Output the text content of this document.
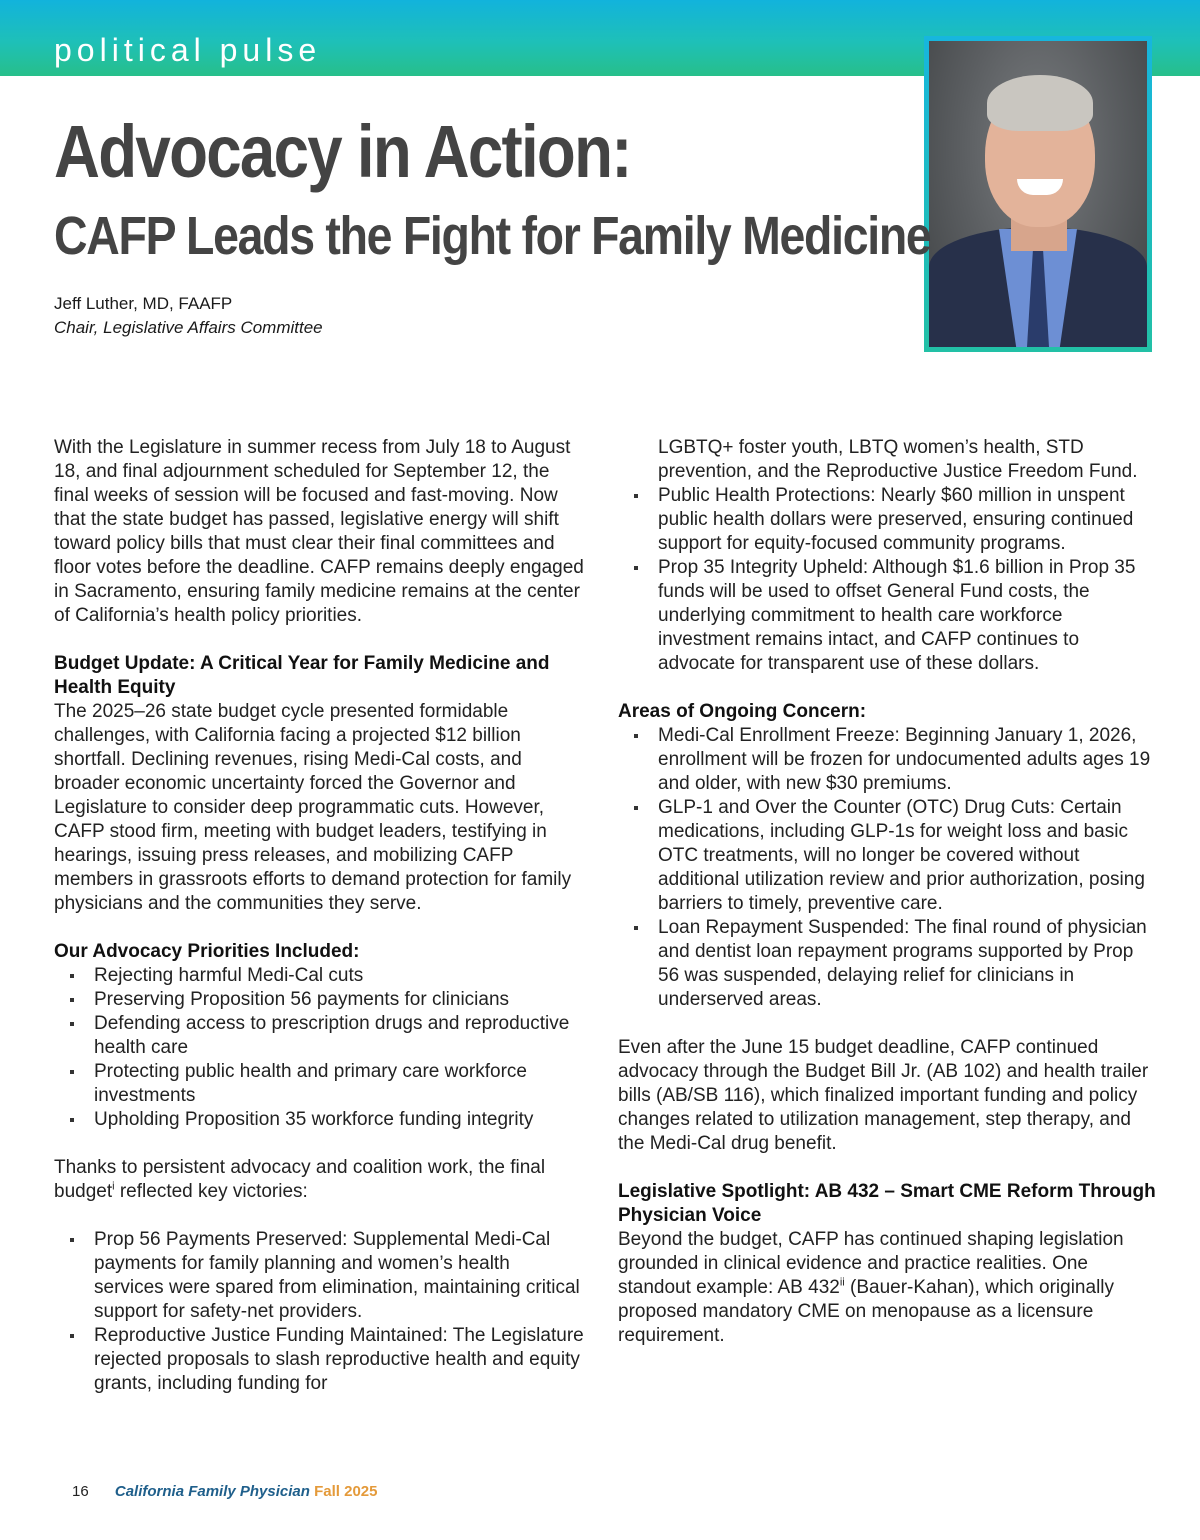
political pulse
Advocacy in Action:
CAFP Leads the Fight for Family Medicine
Jeff Luther, MD, FAAFP
Chair, Legislative Affairs Committee

With the Legislature in summer recess from July 18 to August 18, and final adjournment scheduled for September 12, the final weeks of session will be focused and fast-moving. Now that the state budget has passed, legislative energy will shift toward policy bills that must clear their final committees and floor votes before the deadline. CAFP remains deeply engaged in Sacramento, ensuring family medicine remains at the center of California’s health policy priorities.

Budget Update: A Critical Year for Family Medicine and Health Equity

The 2025–26 state budget cycle presented formidable challenges, with California facing a projected $12 billion shortfall. Declining revenues, rising Medi-Cal costs, and broader economic uncertainty forced the Governor and Legislature to consider deep programmatic cuts. However, CAFP stood firm, meeting with budget leaders, testifying in hearings, issuing press releases, and mobilizing CAFP members in grassroots efforts to demand protection for family physicians and the communities they serve.

Our Advocacy Priorities Included:

Rejecting harmful Medi-Cal cuts
Preserving Proposition 56 payments for clinicians
Defending access to prescription drugs and reproductive health care
Protecting public health and primary care workforce investments
Upholding Proposition 35 workforce funding integrity

Thanks to persistent advocacy and coalition work, the final budget$^i$ reflected key victories:

Prop 56 Payments Preserved: Supplemental Medi-Cal payments for family planning and women’s health services were spared from elimination, maintaining critical support for safety-net providers.
Reproductive Justice Funding Maintained: The Legislature rejected proposals to slash reproductive health and equity grants, including funding for

LGBTQ+ foster youth, LBTQ women’s health, STD prevention, and the Reproductive Justice Freedom Fund.

Public Health Protections: Nearly $60 million in unspent public health dollars were preserved, ensuring continued support for equity-focused community programs.
Prop 35 Integrity Upheld: Although $1.6 billion in Prop 35 funds will be used to offset General Fund costs, the underlying commitment to health care workforce investment remains intact, and CAFP continues to advocate for transparent use of these dollars.

Areas of Ongoing Concern:

Medi-Cal Enrollment Freeze: Beginning January 1, 2026, enrollment will be frozen for undocumented adults ages 19 and older, with new $30 premiums.
GLP-1 and Over the Counter (OTC) Drug Cuts: Certain medications, including GLP-1s for weight loss and basic OTC treatments, will no longer be covered without additional utilization review and prior authorization, posing barriers to timely, preventive care.
Loan Repayment Suspended: The final round of physician and dentist loan repayment programs supported by Prop 56 was suspended, delaying relief for clinicians in underserved areas.

Even after the June 15 budget deadline, CAFP continued advocacy through the Budget Bill Jr. (AB 102) and health trailer bills (AB/SB 116), which finalized important funding and policy changes related to utilization management, step therapy, and the Medi-Cal drug benefit.

Legislative Spotlight: AB 432 – Smart CME Reform Through Physician Voice

Beyond the budget, CAFP has continued shaping legislation grounded in clinical evidence and practice realities. One standout example: AB 432$^{ii}$ (Bauer-Kahan), which originally proposed mandatory CME on menopause as a licensure requirement.

16 California Family Physician Fall 2025
